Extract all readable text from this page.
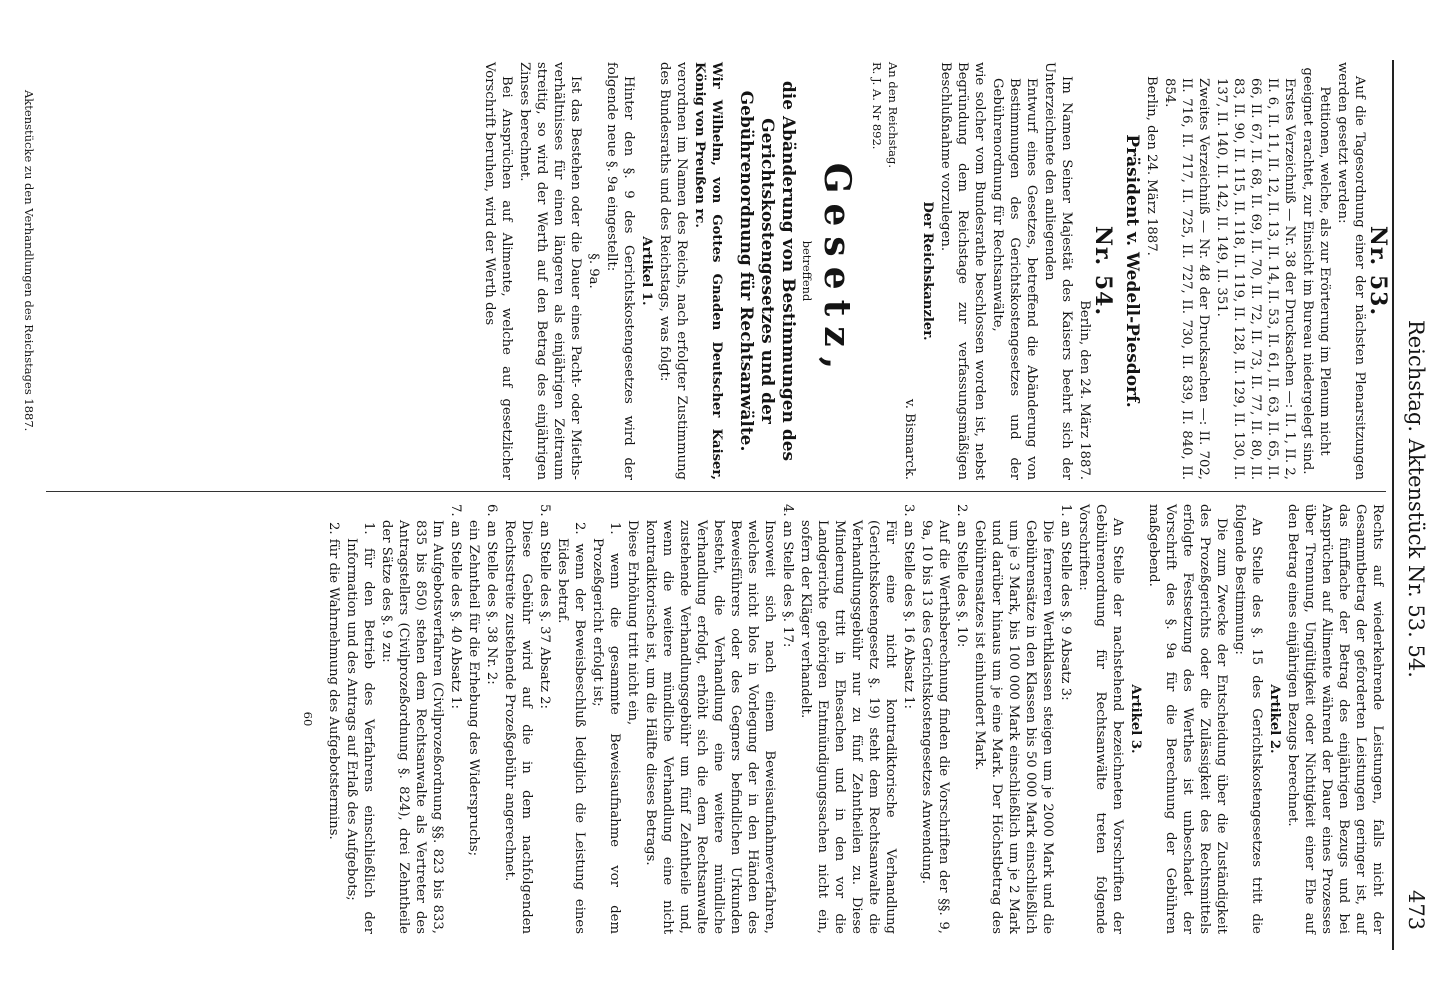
Reichstag. Aktenstück Nr. 53. 54.
473

Rechts auf wiederkehrende Leistungen, falls nicht der Gesammtbetrag der geforderten Leistungen geringer ist, auf das fünffache der Betrag des einjährigen Bezugs und bei Ansprüchen auf Alimente während der Dauer eines Prozesses über Trennung, Ungültigkeit oder Nichtigkeit einer Ehe auf den Betrag eines einjährigen Bezugs berechnet.

Artikel 2.

An Stelle des §. 15 des Gerichtskostengesetzes tritt die folgende Bestimmung:

Die zum Zwecke der Entscheidung über die Zuständigkeit des Prozeßgerichts oder die Zulässigkeit des Rechtsmittels erfolgte Festsetzung des Werthes ist unbeschadet der Vorschrift des §. 9a für die Berechnung der Gebühren maßgebend.

Artikel 3.

An Stelle der nachstehend bezeichneten Vorschriften der Gebührenordnung für Rechtsanwälte treten folgende Vorschriften:

1. an Stelle des §. 9 Absatz 3:

Die ferneren Werthklassen steigen um je 2000 Mark und die Gebührensätze in den Klassen bis 50 000 Mark einschließlich um je 3 Mark, bis 100 000 Mark einschließlich um je 2 Mark und darüber hinaus um je eine Mark. Der Höchstbetrag des Gebührensatzes ist einhundert Mark.

2. an Stelle des §. 10:

Auf die Werthsberechnung finden die Vorschriften der §§. 9, 9a, 10 bis 13 des Gerichtskostengesetzes Anwendung.

3. an Stelle des §. 16 Absatz 1:

Für eine nicht kontradiktorische Verhandlung (Gerichtskostengesetz §. 19) steht dem Rechtsanwalte die Verhandlungsgebühr nur zu fünf Zehntheilen zu. Diese Minderung tritt in Ehesachen und in den vor die Landgerichte gehörigen Entmündigungssachen nicht ein, sofern der Kläger verhandelt.

4. an Stelle des §. 17:

Insoweit sich nach einem Beweisaufnahmeverfahren, welches nicht blos in Vorlegung der in den Händen des Beweisführers oder des Gegners befindlichen Urkunden besteht, die Verhandlung eine weitere mündliche Verhandlung erfolgt, erhöht sich die dem Rechtsanwalte zustehende Verhandlungsgebühr um fünf Zehntheile und, wenn die weitere mündliche Verhandlung eine nicht kontradiktorische ist, um die Hälfte dieses Betrags.

Diese Erhöhung tritt nicht ein,

1. wenn die gesammte Beweisaufnahme vor dem Prozeßgericht erfolgt ist;

2. wenn der Beweisbeschluß lediglich die Leistung eines Eides betraf.

5. an Stelle des §. 37 Absatz 2:

Diese Gebühr wird auf die in dem nachfolgenden Rechtsstreite zustehende Prozeßgebühr angerechnet.

6. an Stelle des §. 38 Nr. 2:

ein Zehntheil für die Erhebung des Widerspruchs;

7. an Stelle des §. 40 Absatz 1:

Im Aufgebotsverfahren (Civilprozeßordnung §§. 823 bis 833, 835 bis 850) stehen dem Rechtsanwalte als Vertreter des Antragstellers (Civilprozeßordnung §. 824), drei Zehntheile der Sätze des §. 9 zu:

1. für den Betrieb des Verfahrens einschließlich der Information und des Antrags auf Erlaß des Aufgebots;

2. für die Wahrnehmung des Aufgebotstermins.

60

Nr. 53.

Auf die Tagesordnung einer der nächsten Plenarsitzungen werden gesetzt werden:

Petitionen, welche, als zur Erörterung im Plenum nicht geeignet erachtet, zur Einsicht im Bureau niedergelegt sind.

Erstes Verzeichniß — Nr. 38 der Drucksachen —: II. 1, II. 2, II. 6, II. 11, II. 12, II. 13, II. 14, II. 53, II. 61, II. 63, II. 65, II. 66, II. 67, II. 68, II. 69, II. 70, II. 72, II. 73, II. 77, II. 80, II. 83, II. 90, II. 115, II. 118, II. 119, II. 128, II. 129, II. 130, II. 137, II. 140, II. 142, II. 149, II. 351.

Zweites Verzeichniß — Nr. 48 der Drucksachen —: II. 702, II. 716, II. 717, II. 725, II. 727, II. 730, II. 839, II. 840, II. 854.

Berlin, den 24. März 1887.

Präsident v. Wedell-Piesdorf.

Nr. 54.

Berlin, den 24. März 1887.

Im Namen Seiner Majestät des Kaisers beehrt sich der Unterzeichnete den anliegenden

Entwurf eines Gesetzes, betreffend die Abänderung von Bestimmungen des Gerichtskostengesetzes und der Gebührenordnung für Rechtsanwälte,

wie solcher vom Bundesrathe beschlossen worden ist, nebst Begründung dem Reichstage zur verfassungsmäßigen Beschlußnahme vorzulegen.

Der Reichskanzler.

v. Bismarck.

An den Reichstag.

R. J. A. Nr 892.

Gesetz,

betreffend

die Abänderung von Bestimmungen des Gerichtskostengesetzes und der Gebührenordnung für Rechtsanwälte.

Wir Wilhelm, von Gottes Gnaden Deutscher Kaiser, König von Preußen rc.

verordnen im Namen des Reichs, nach erfolgter Zustimmung des Bundesraths und des Reichstags, was folgt:

Artikel 1.

Hinter den §. 9 des Gerichtskostengesetzes wird der folgende neue §. 9a eingestellt:

§. 9a.

Ist das Bestehen oder die Dauer eines Pacht- oder Miethsverhältnisses für einen längeren als einjährigen Zeitraum streitig, so wird der Werth auf den Betrag des einjährigen Zinses berechnet.

Bei Ansprüchen auf Alimente, welche auf gesetzlicher Vorschrift beruhen, wird der Werth des

Aktenstücke zu den Verhandlungen des Reichstages 1887.
